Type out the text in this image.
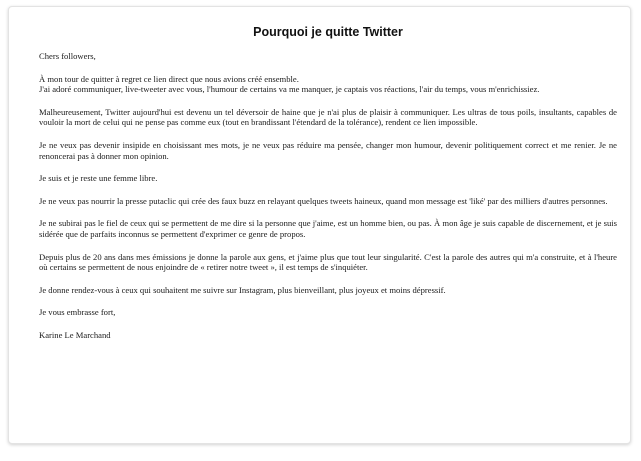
Pourquoi je quitte Twitter
Chers followers,
À mon tour de quitter à regret ce lien direct que nous avions créé ensemble.
J'ai adoré communiquer, live-tweeter avec vous, l'humour de certains va me manquer, je captais vos réactions, l'air du temps, vous m'enrichissiez.
Malheureusement, Twitter aujourd'hui est devenu un tel déversoir de haine que je n'ai plus de plaisir à communiquer. Les ultras de tous poils, insultants, capables de vouloir la mort de celui qui ne pense pas comme eux (tout en brandissant l'étendard de la tolérance), rendent ce lien impossible.
Je ne veux pas devenir insipide en choisissant mes mots, je ne veux pas réduire ma pensée, changer mon humour, devenir politiquement correct et me renier. Je ne renoncerai pas à donner mon opinion.
Je suis et je reste une femme libre.
Je ne veux pas nourrir la presse putaclic qui crée des faux buzz en relayant quelques tweets haineux, quand mon message est 'liké' par des milliers d'autres personnes.
Je ne subirai pas le fiel de ceux qui se permettent de me dire si la personne que j'aime, est un homme bien, ou pas. À mon âge je suis capable de discernement, et je suis sidérée que de parfaits inconnus se permettent d'exprimer ce genre de propos.
Depuis plus de 20 ans dans mes émissions je donne la parole aux gens, et j'aime plus que tout leur singularité. C'est la parole des autres qui m'a construite, et à l'heure où certains se permettent de nous enjoindre de « retirer notre tweet », il est temps de s'inquiéter.
Je donne rendez-vous à ceux qui souhaitent me suivre sur Instagram, plus bienveillant, plus joyeux et moins dépressif.
Je vous embrasse fort,
Karine Le Marchand
